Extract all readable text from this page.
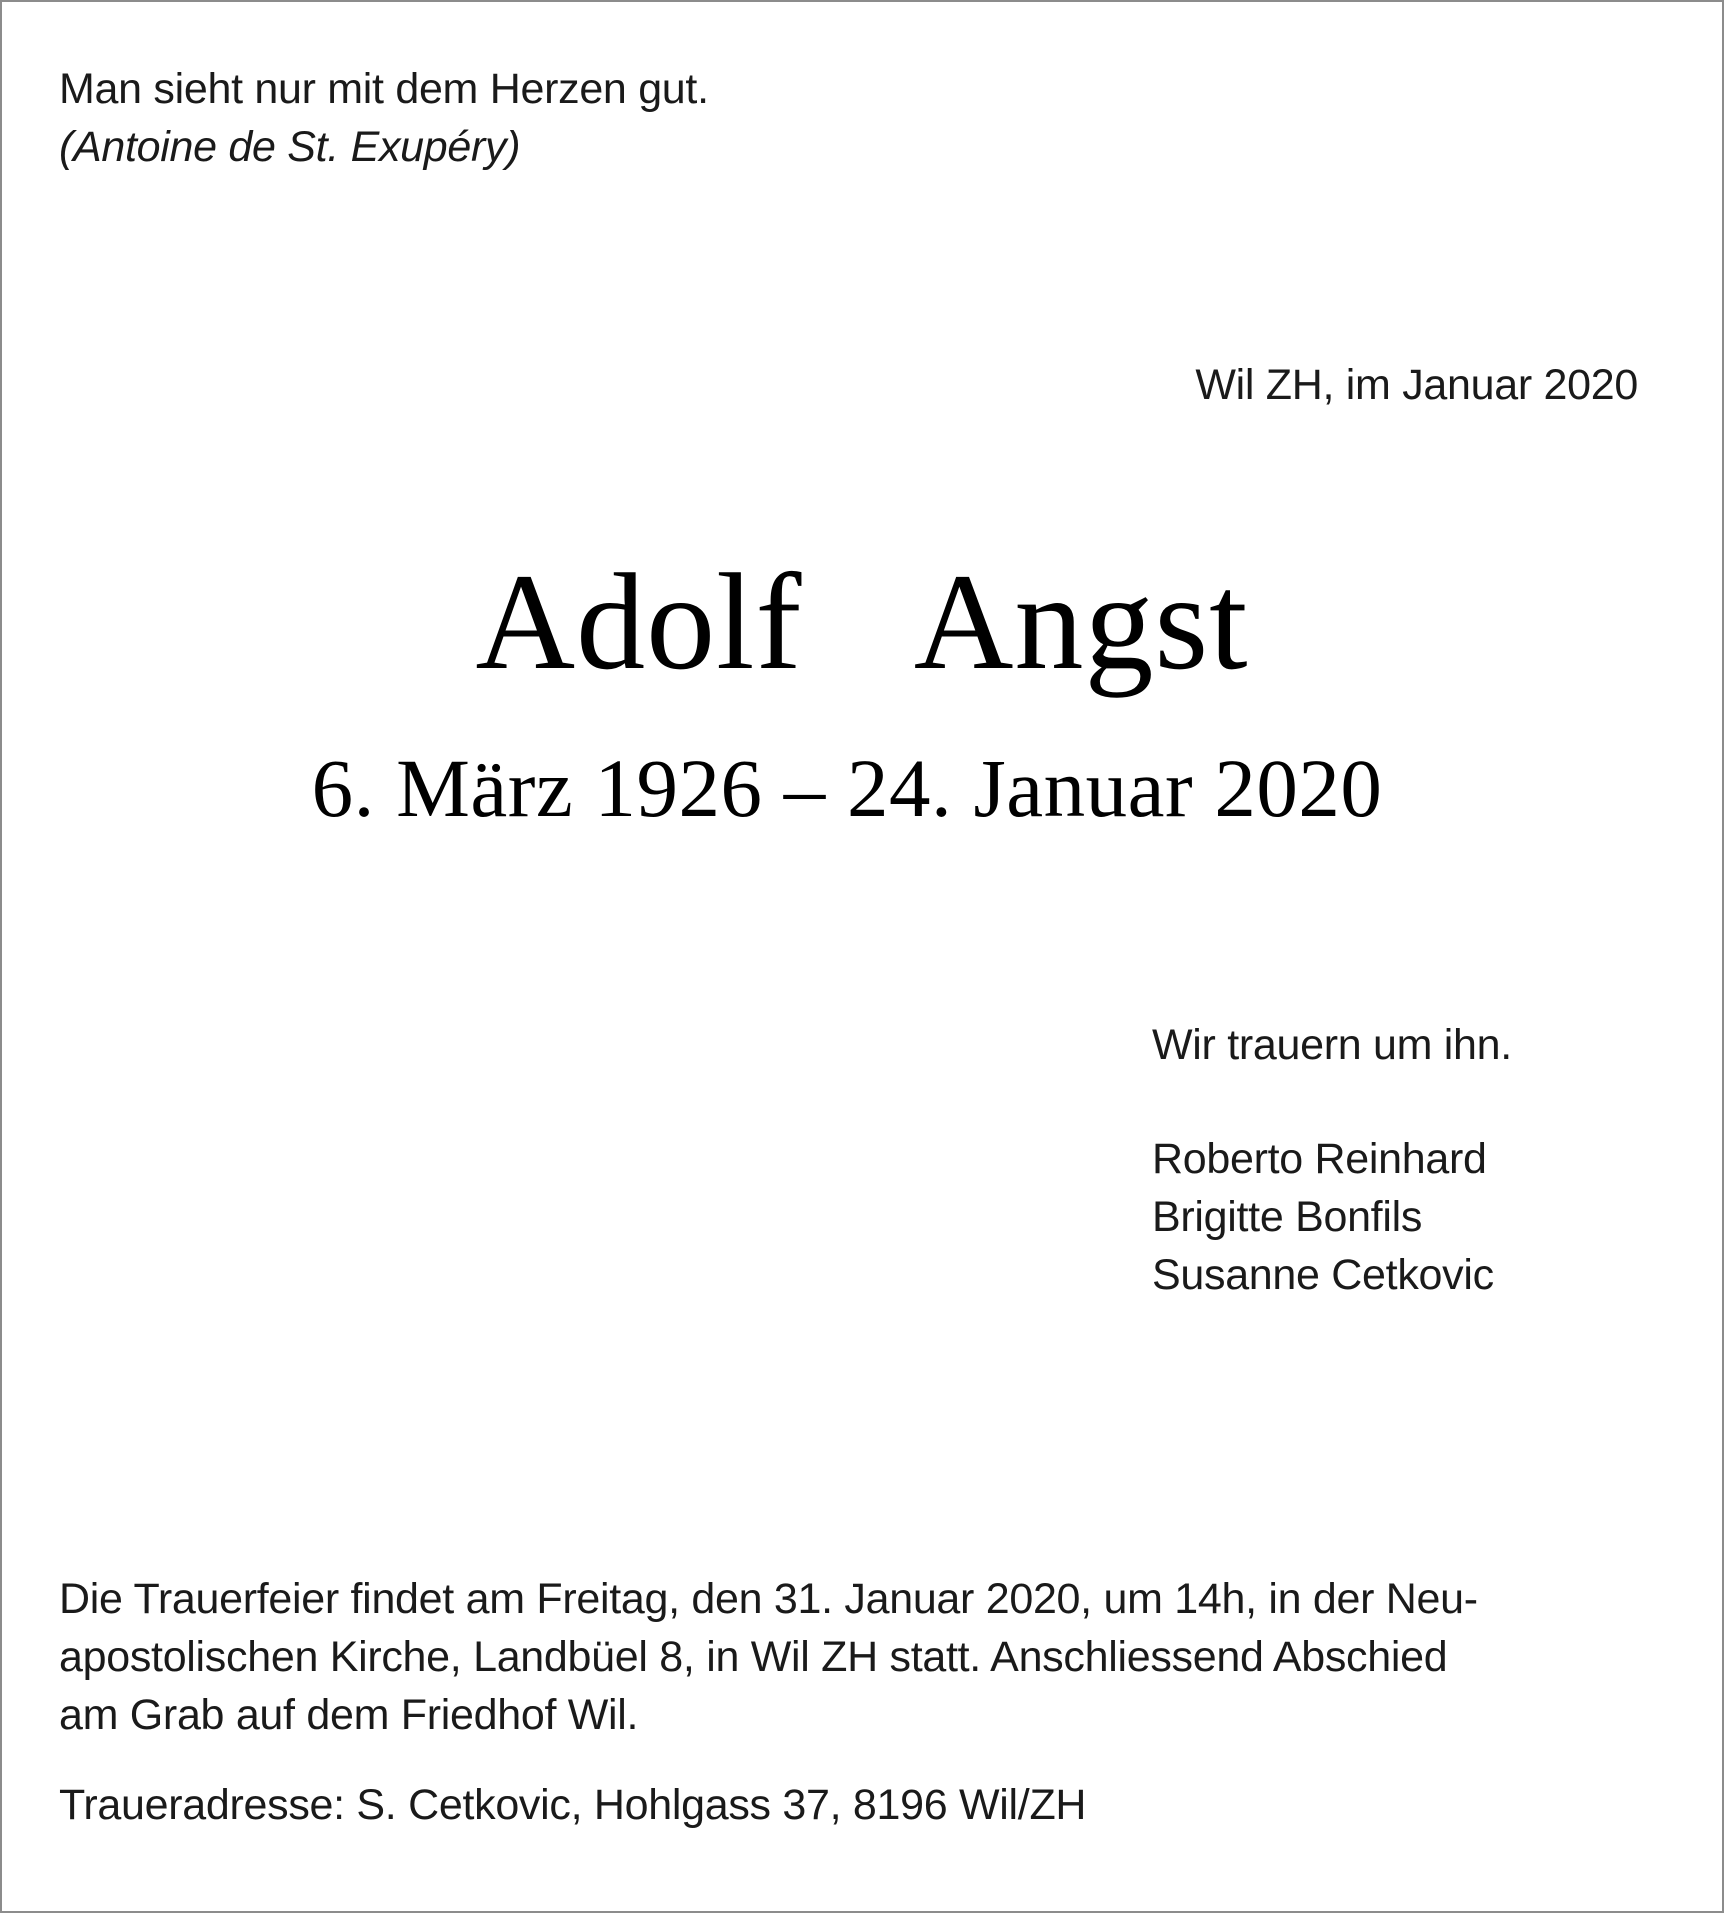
Man sieht nur mit dem Herzen gut.
(Antoine de St. Exupéry)
Wil ZH, im Januar 2020
Adolf  Angst
6. März 1926 – 24. Januar 2020
Wir trauern um ihn.
Roberto Reinhard
Brigitte Bonfils
Susanne Cetkovic
Die Trauerfeier findet am Freitag, den 31. Januar 2020, um 14h, in der Neu-
apostolischen Kirche, Landbüel 8, in Wil ZH statt. Anschliessend Abschied
am Grab auf dem Friedhof Wil.
Traueradresse: S. Cetkovic, Hohlgass 37, 8196 Wil/ZH
